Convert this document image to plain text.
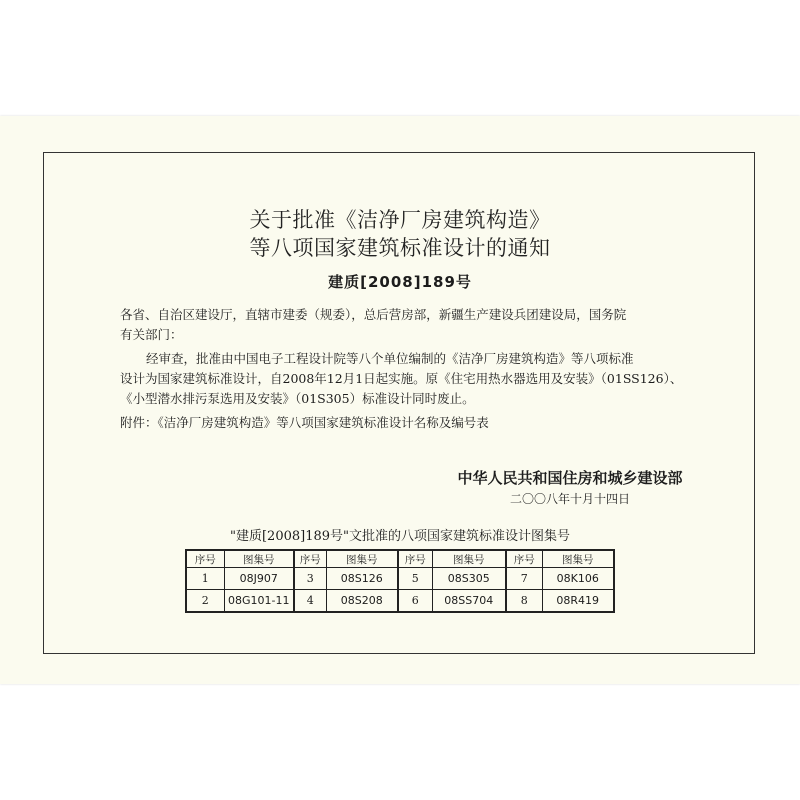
关于批准《洁净厂房建筑构造》
等八项国家建筑标准设计的通知
建质[2008]189号
各省、自治区建设厅，直辖市建委（规委），总后营房部，新疆生产建设兵团建设局，国务院
有关部门：
经审查，批准由中国电子工程设计院等八个单位编制的《洁净厂房建筑构造》等八项标准
设计为国家建筑标准设计，自2008年12月1日起实施。原《住宅用热水器选用及安装》（01SS126）、
《小型潜水排污泵选用及安装》（01S305）标准设计同时废止。
附件：《洁净厂房建筑构造》等八项国家建筑标准设计名称及编号表
中华人民共和国住房和城乡建设部
二〇〇八年十月十四日
"建质[2008]189号"文批准的八项国家建筑标准设计图集号
序号	图集号	序号	图集号	序号	图集号	序号	图集号
1	08J907	3	08S126	5	08S305	7	08K106
2	08G101-11	4	08S208	6	08SS704	8	08R419
